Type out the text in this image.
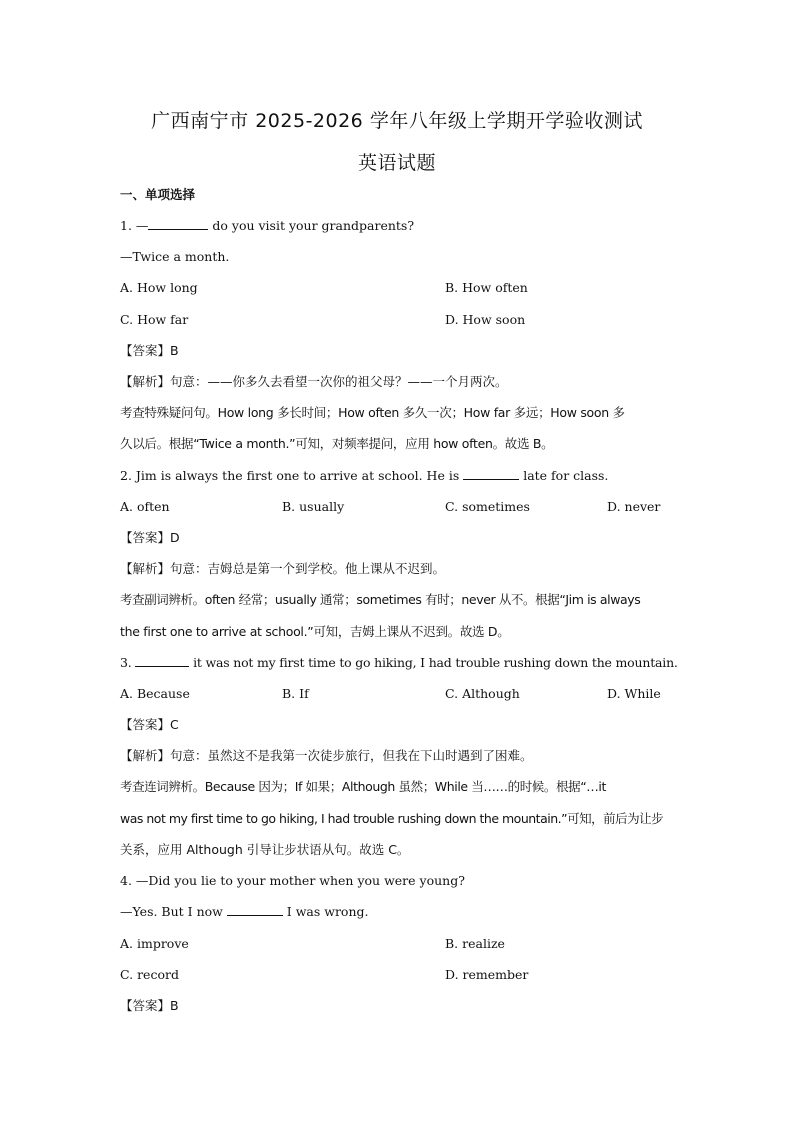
广西南宁市 2025-2026 学年八年级上学期开学验收测试
英语试题
一、单项选择
1. —	do you visit your grandparents?
—Twice a month.
A. How long	B. How often
C. How far	D. How soon
【答案】B
【解析】句意：——你多久去看望一次你的祖父母？——一个月两次。
考查特殊疑问句。How long 多长时间；How often 多久一次；How far 多远；How soon 多
久以后。根据“Twice a month.”可知，对频率提问，应用 how often。故选 B。
2. Jim is always the first one to arrive at school. He is	late for class.
A. often	B. usually	C. sometimes	D. never
【答案】D
【解析】句意：吉姆总是第一个到学校。他上课从不迟到。
考查副词辨析。often 经常；usually 通常；sometimes 有时；never 从不。根据“Jim is always
the first one to arrive at school.”可知，吉姆上课从不迟到。故选 D。
3.	it was not my first time to go hiking, I had trouble rushing down the mountain.
A. Because	B. If	C. Although	D. While
【答案】C
【解析】句意：虽然这不是我第一次徒步旅行，但我在下山时遇到了困难。
考查连词辨析。Because 因为；If 如果；Although 虽然；While 当……的时候。根据“…it
was not my first time to go hiking, I had trouble rushing down the mountain.”可知，前后为让步
关系，应用 Although 引导让步状语从句。故选 C。
4. —Did you lie to your mother when you were young?
—Yes. But I now	I was wrong.
A. improve	B. realize
C. record	D. remember
【答案】B
